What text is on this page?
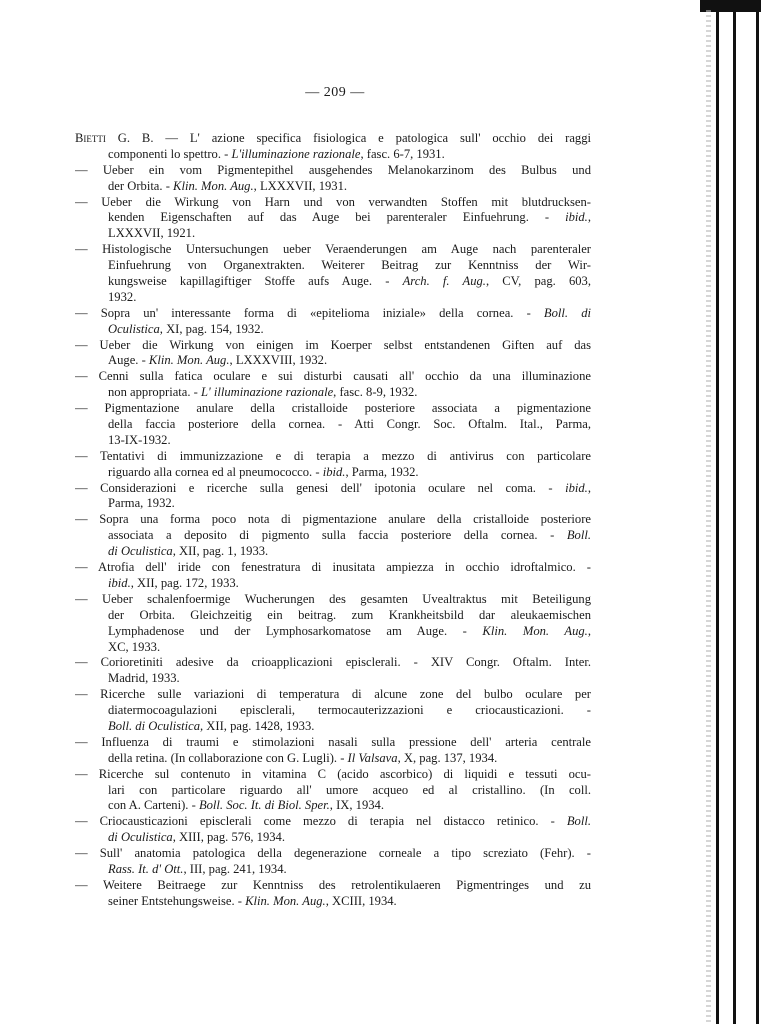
— 209 —
Bietti G. B. — L' azione specifica fisiologica e patologica sull' occhio dei raggi
componenti lo spettro. - L'illuminazione razionale, fasc. 6-7, 1931.
— Ueber ein vom Pigmentepithel ausgehendes Melanokarzinom des Bulbus und
der Orbita. - Klin. Mon. Aug., LXXXVII, 1931.
— Ueber die Wirkung von Harn und von verwandten Stoffen mit blutdrucksen-
kenden Eigenschaften auf das Auge bei parenteraler Einfuehrung. - ibid.,
LXXXVII, 1921.
— Histologische Untersuchungen ueber Veraenderungen am Auge nach parenteraler
Einfuehrung von Organextrakten. Weiterer Beitrag zur Kenntniss der Wir-
kungsweise kapillagiftiger Stoffe aufs Auge. - Arch. f. Aug., CV, pag. 603,
1932.
— Sopra un' interessante forma di «epitelioma iniziale» della cornea. - Boll. di
Oculistica, XI, pag. 154, 1932.
— Ueber die Wirkung von einigen im Koerper selbst entstandenen Giften auf das
Auge. - Klin. Mon. Aug., LXXXVIII, 1932.
— Cenni sulla fatica oculare e sui disturbi causati all' occhio da una illuminazione
non appropriata. - L' illuminazione razionale, fasc. 8-9, 1932.
— Pigmentazione anulare della cristalloide posteriore associata a pigmentazione
della faccia posteriore della cornea. - Atti Congr. Soc. Oftalm. Ital., Parma,
13-IX-1932.
— Tentativi di immunizzazione e di terapia a mezzo di antivirus con particolare
riguardo alla cornea ed al pneumococco. - ibid., Parma, 1932.
— Considerazioni e ricerche sulla genesi dell' ipotonia oculare nel coma. - ibid.,
Parma, 1932.
— Sopra una forma poco nota di pigmentazione anulare della cristalloide posteriore
associata a deposito di pigmento sulla faccia posteriore della cornea. - Boll.
di Oculistica, XII, pag. 1, 1933.
— Atrofia dell' iride con fenestratura di inusitata ampiezza in occhio idroftalmico. -
ibid., XII, pag. 172, 1933.
— Ueber schalenfoermige Wucherungen des gesamten Uvealtraktus mit Beteiligung
der Orbita. Gleichzeitig ein beitrag. zum Krankheitsbild dar aleukaemischen
Lymphadenose und der Lymphosarkomatose am Auge. - Klin. Mon. Aug.,
XC, 1933.
— Corioretiniti adesive da crioapplicazioni episclerali. - XIV Congr. Oftalm. Inter.
Madrid, 1933.
— Ricerche sulle variazioni di temperatura di alcune zone del bulbo oculare per
diatermocoagulazioni episclerali, termocauterizzazioni e criocausticazioni. -
Boll. di Oculistica, XII, pag. 1428, 1933.
— Influenza di traumi e stimolazioni nasali sulla pressione dell' arteria centrale
della retina. (In collaborazione con G. Lugli). - Il Valsava, X, pag. 137, 1934.
— Ricerche sul contenuto in vitamina C (acido ascorbico) di liquidi e tessuti ocu-
lari con particolare riguardo all' umore acqueo ed al cristallino. (In coll.
con A. Carteni). - Boll. Soc. It. di Biol. Sper., IX, 1934.
— Criocausticazioni episclerali come mezzo di terapia nel distacco retinico. - Boll.
di Oculistica, XIII, pag. 576, 1934.
— Sull' anatomia patologica della degenerazione corneale a tipo screziato (Fehr). -
Rass. It. d' Ott., III, pag. 241, 1934.
— Weitere Beitraege zur Kenntniss des retrolentikulaeren Pigmentringes und zu
seiner Entstehungsweise. - Klin. Mon. Aug., XCIII, 1934.
